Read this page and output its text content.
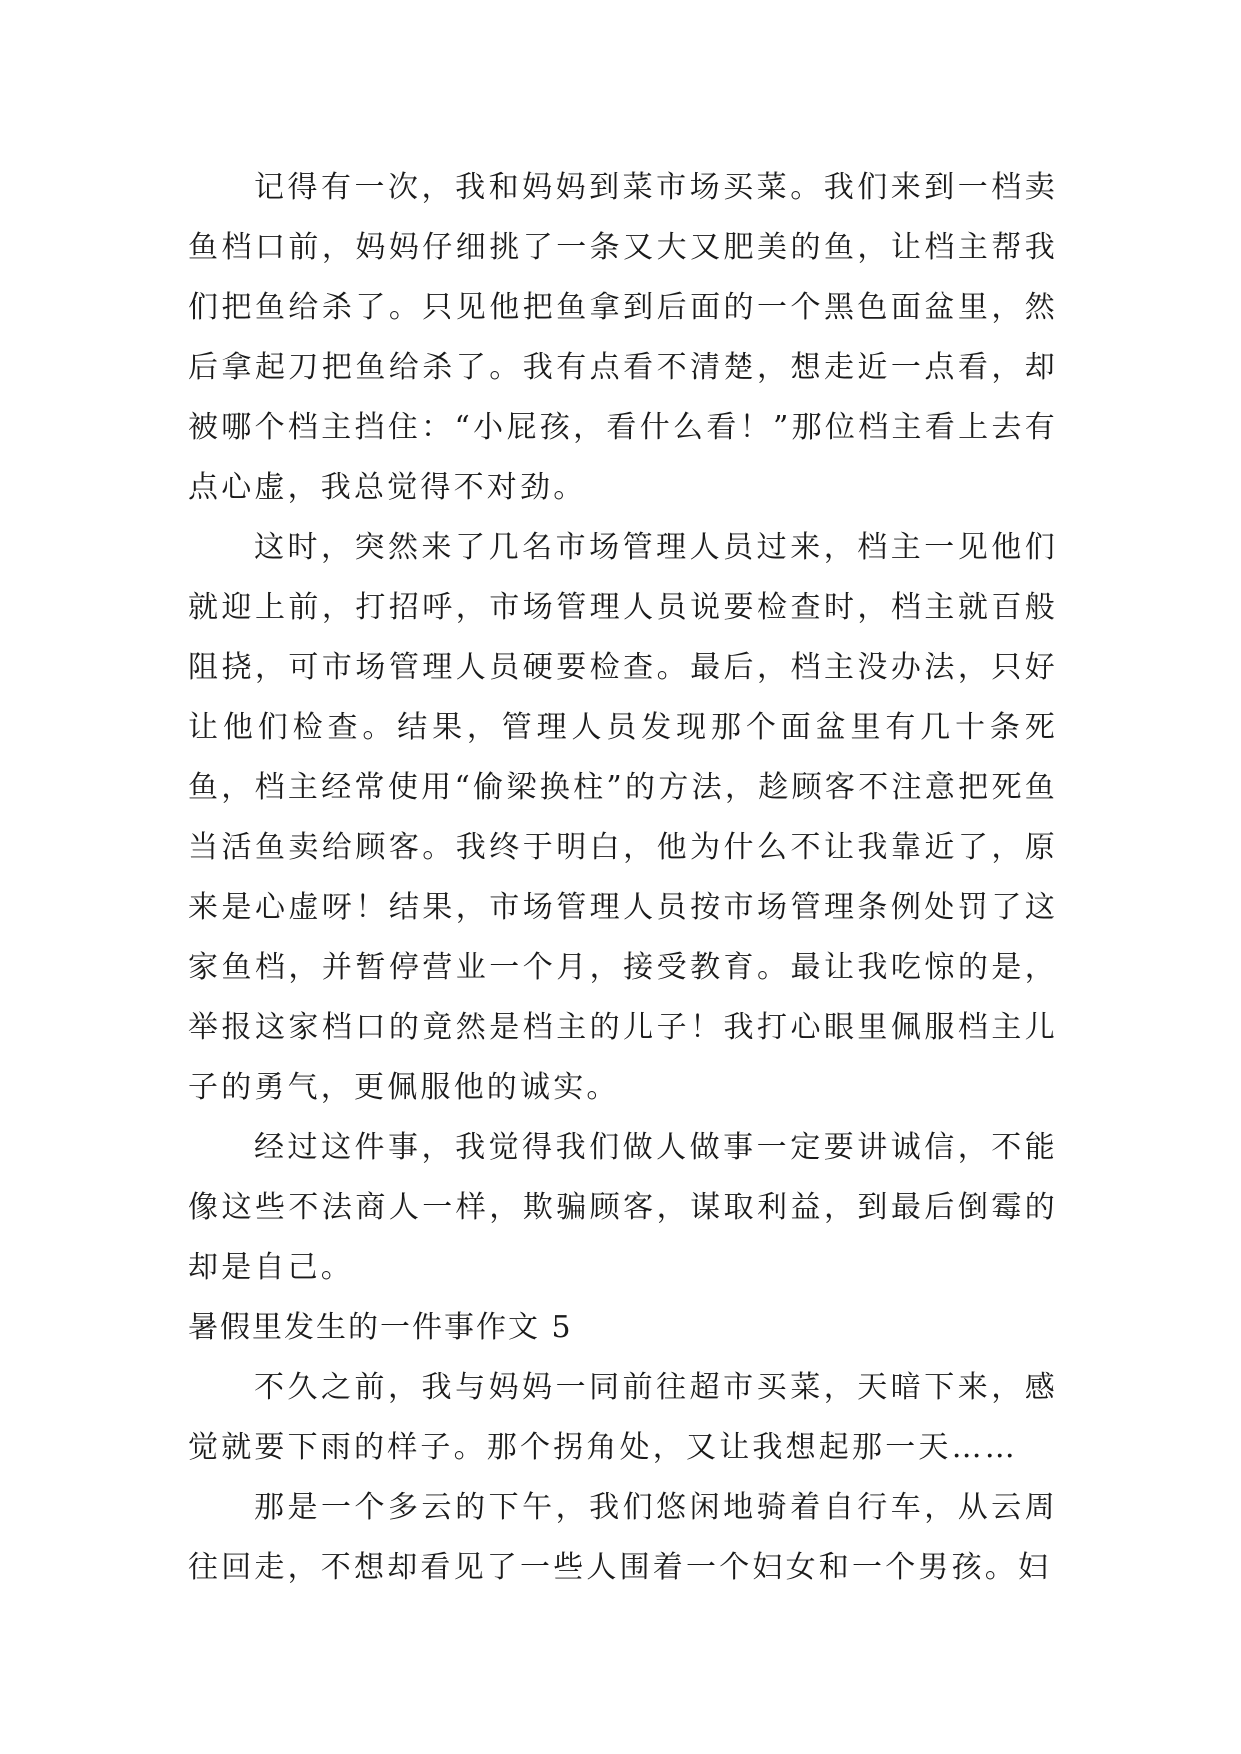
记得有一次，我和妈妈到菜市场买菜。我们来到一档卖鱼档口前，妈妈仔细挑了一条又大又肥美的鱼，让档主帮我们把鱼给杀了。只见他把鱼拿到后面的一个黑色面盆里，然后拿起刀把鱼给杀了。我有点看不清楚，想走近一点看，却被哪个档主挡住：“小屁孩，看什么看！”那位档主看上去有点心虚，我总觉得不对劲。

这时，突然来了几名市场管理人员过来，档主一见他们就迎上前，打招呼，市场管理人员说要检查时，档主就百般阻挠，可市场管理人员硬要检查。最后，档主没办法，只好让他们检查。结果，管理人员发现那个面盆里有几十条死鱼，档主经常使用“偷梁换柱”的方法，趁顾客不注意把死鱼当活鱼卖给顾客。我终于明白，他为什么不让我靠近了，原来是心虚呀！结果，市场管理人员按市场管理条例处罚了这家鱼档，并暂停营业一个月，接受教育。最让我吃惊的是，举报这家档口的竟然是档主的儿子！我打心眼里佩服档主儿子的勇气，更佩服他的诚实。

经过这件事，我觉得我们做人做事一定要讲诚信，不能像这些不法商人一样，欺骗顾客，谋取利益，到最后倒霉的却是自己。

暑假里发生的一件事作文 5

不久之前，我与妈妈一同前往超市买菜，天暗下来，感觉就要下雨的样子。那个拐角处，又让我想起那一天……

那是一个多云的下午，我们悠闲地骑着自行车，从云周往回走，不想却看见了一些人围着一个妇女和一个男孩。妇
